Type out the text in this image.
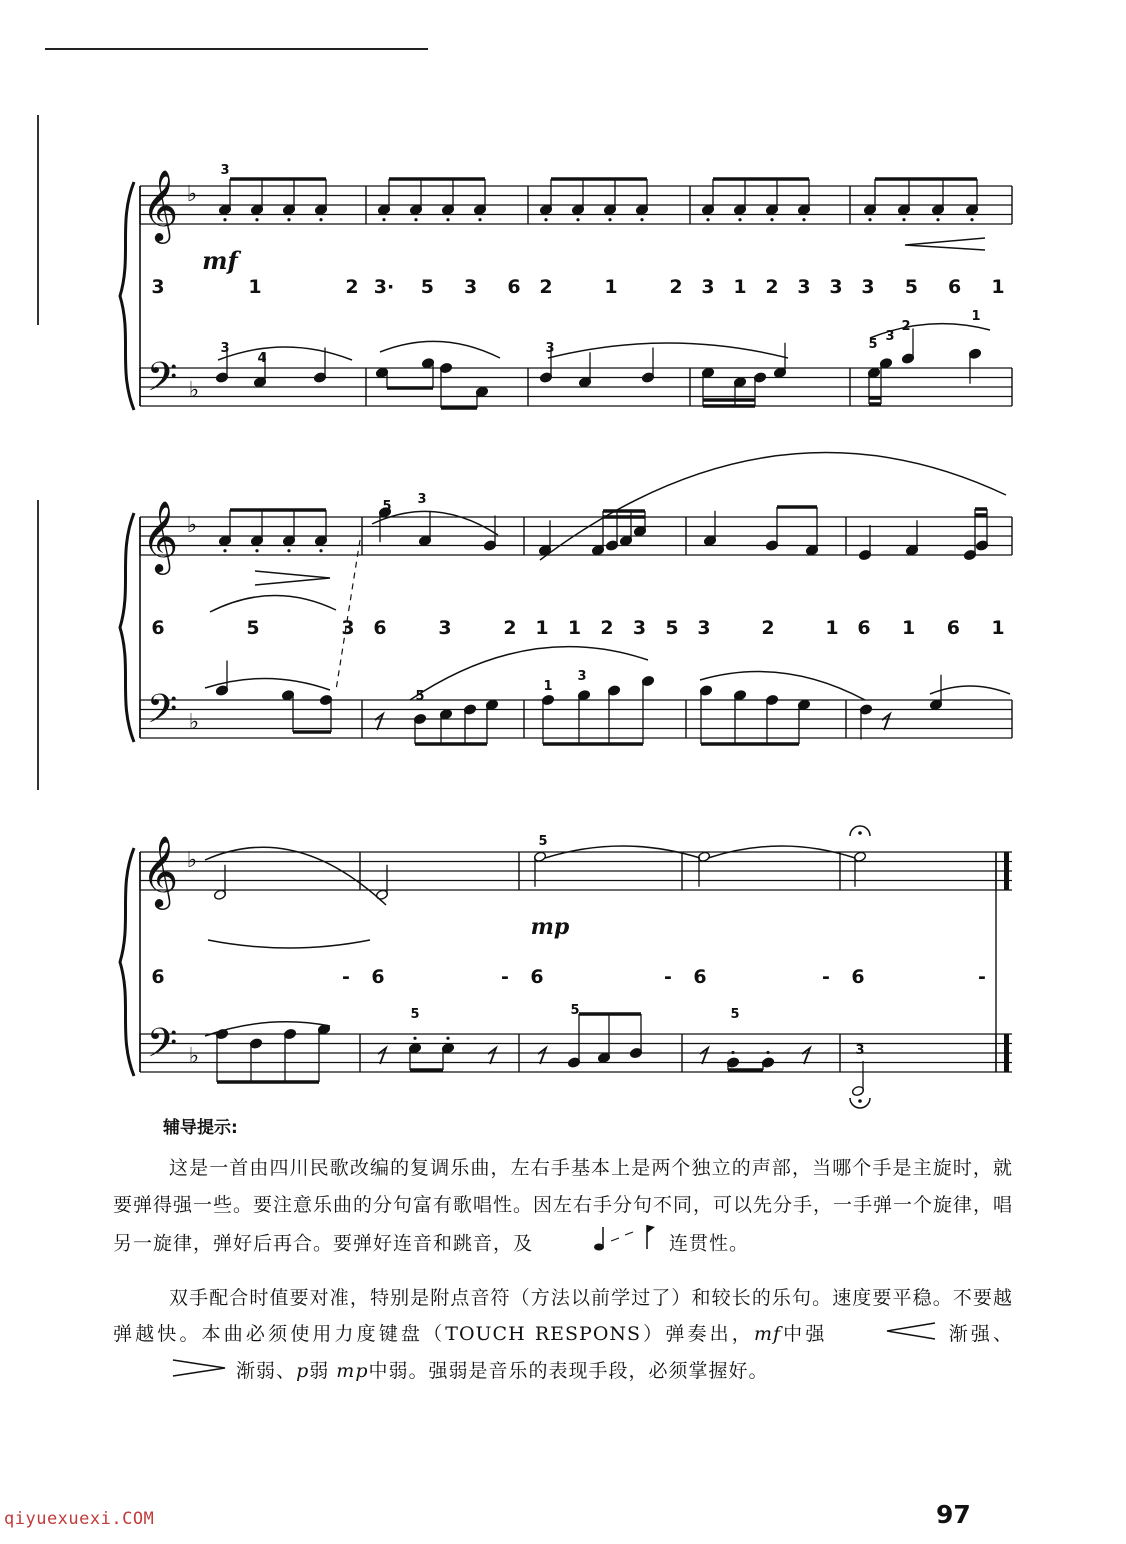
𝄞 ♭
𝄢 ♭
3
mf
3	1	2 3· 5 3 6 2	1	2 3 1 2 3 3 3 5 6 1
3
4
3	5
3
2
1
𝄞 ♭
𝄢 ♭
5 3
6	5	3 6	3	2 1 1 2 3 5 3	2	1 6 1 6 1
5
1
3
𝄞 ♭
𝄢 ♭
5
mp
6	- 6	- 6	- 6	- 6	-
5	5	5
3
辅导提示:

这是一首由四川民歌改编的复调乐曲，左右手基本上是两个独立的声部，当哪个手是主旋时，就要弹得强一些。要注意乐曲的分句富有歌唱性。因左右手分句不同，可以先分手，一手弹一个旋律，唱另一旋律，弹好后再合。要弹好连音和跳音，及	连贯性。

双手配合时值要对准，特别是附点音符（方法以前学过了）和较长的乐句。速度要平稳。不要越弹越快。本曲必须使用力度键盘（TOUCH RESPONS）弹奏出，mf中强	渐强、 渐弱、p弱 mp中弱。强弱是音乐的表现手段，必须掌握好。

97
qiyuexuexi.COM
